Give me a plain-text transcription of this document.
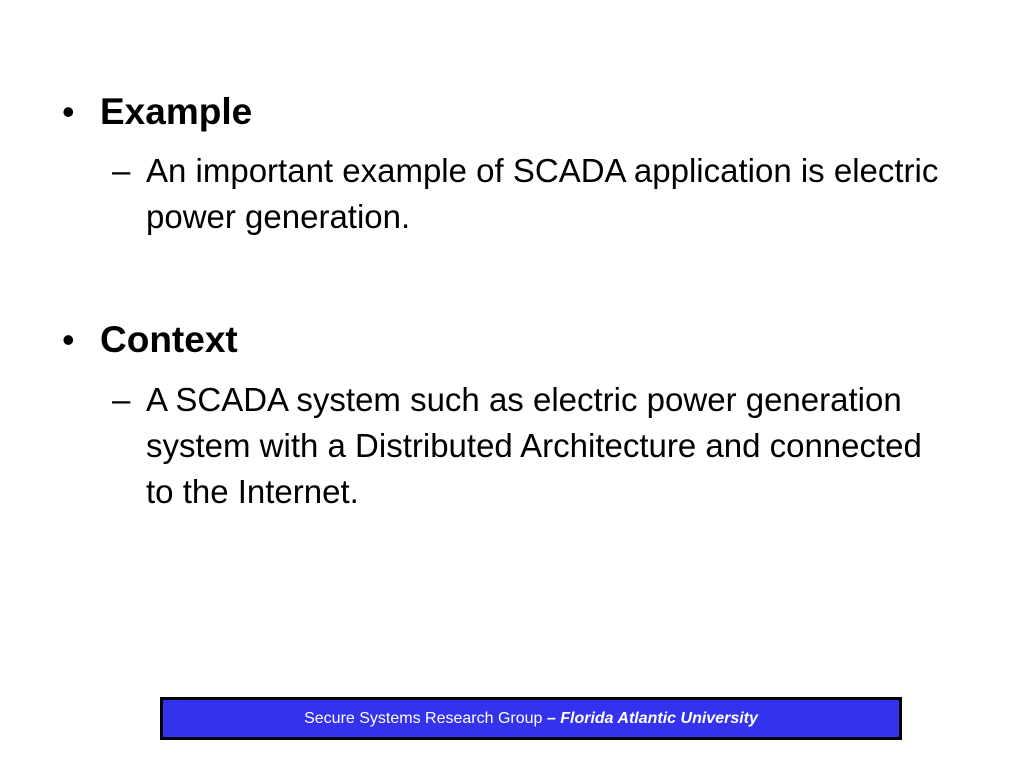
• Example
– An important example of SCADA application is electric power generation.
• Context
– A SCADA system such as electric power generation system with a Distributed Architecture and connected to the Internet.
Secure Systems Research Group – Florida Atlantic University
